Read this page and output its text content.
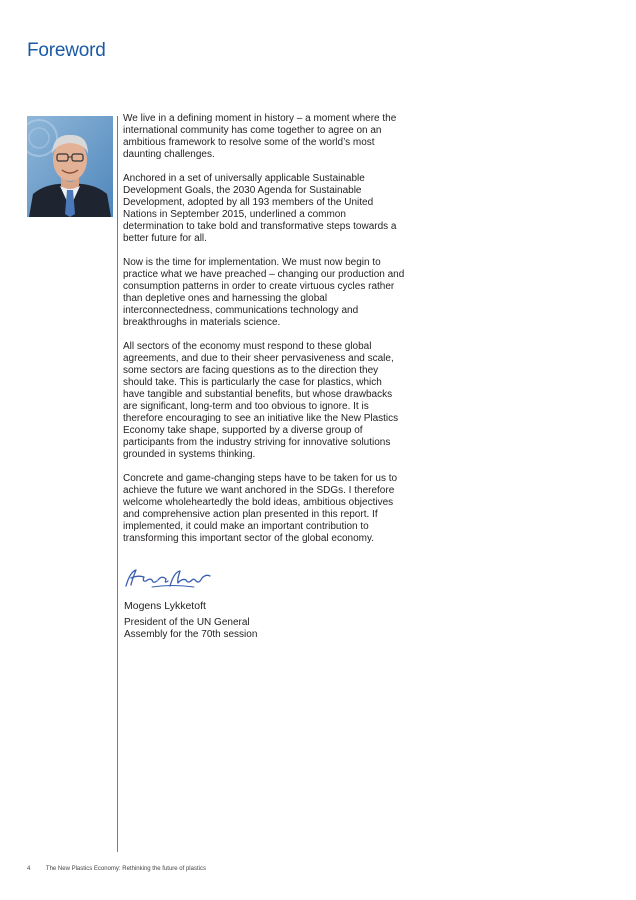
Foreword

We live in a defining moment in history – a moment where the international community has come together to agree on an ambitious framework to resolve some of the world’s most daunting challenges.

Anchored in a set of universally applicable Sustainable Development Goals, the 2030 Agenda for Sustainable Development, adopted by all 193 members of the United Nations in September 2015, underlined a common determination to take bold and transformative steps towards a better future for all.

Now is the time for implementation. We must now begin to practice what we have preached – changing our production and consumption patterns in order to create virtuous cycles rather than depletive ones and harnessing the global interconnectedness, communications technology and breakthroughs in materials science.

All sectors of the economy must respond to these global agreements, and due to their sheer pervasiveness and scale, some sectors are facing questions as to the direction they should take. This is particularly the case for plastics, which have tangible and substantial benefits, but whose drawbacks are significant, long-term and too obvious to ignore. It is therefore encouraging to see an initiative like the New Plastics Economy take shape, supported by a diverse group of participants from the industry striving for innovative solutions grounded in systems thinking.

Concrete and game-changing steps have to be taken for us to achieve the future we want anchored in the SDGs. I therefore welcome wholeheartedly the bold ideas, ambitious objectives and comprehensive action plan presented in this report. If implemented, it could make an important contribution to transforming this important sector of the global economy.

Mogens Lykketoft
President of the UN General
Assembly for the 70th session
4	The New Plastics Economy: Rethinking the future of plastics
